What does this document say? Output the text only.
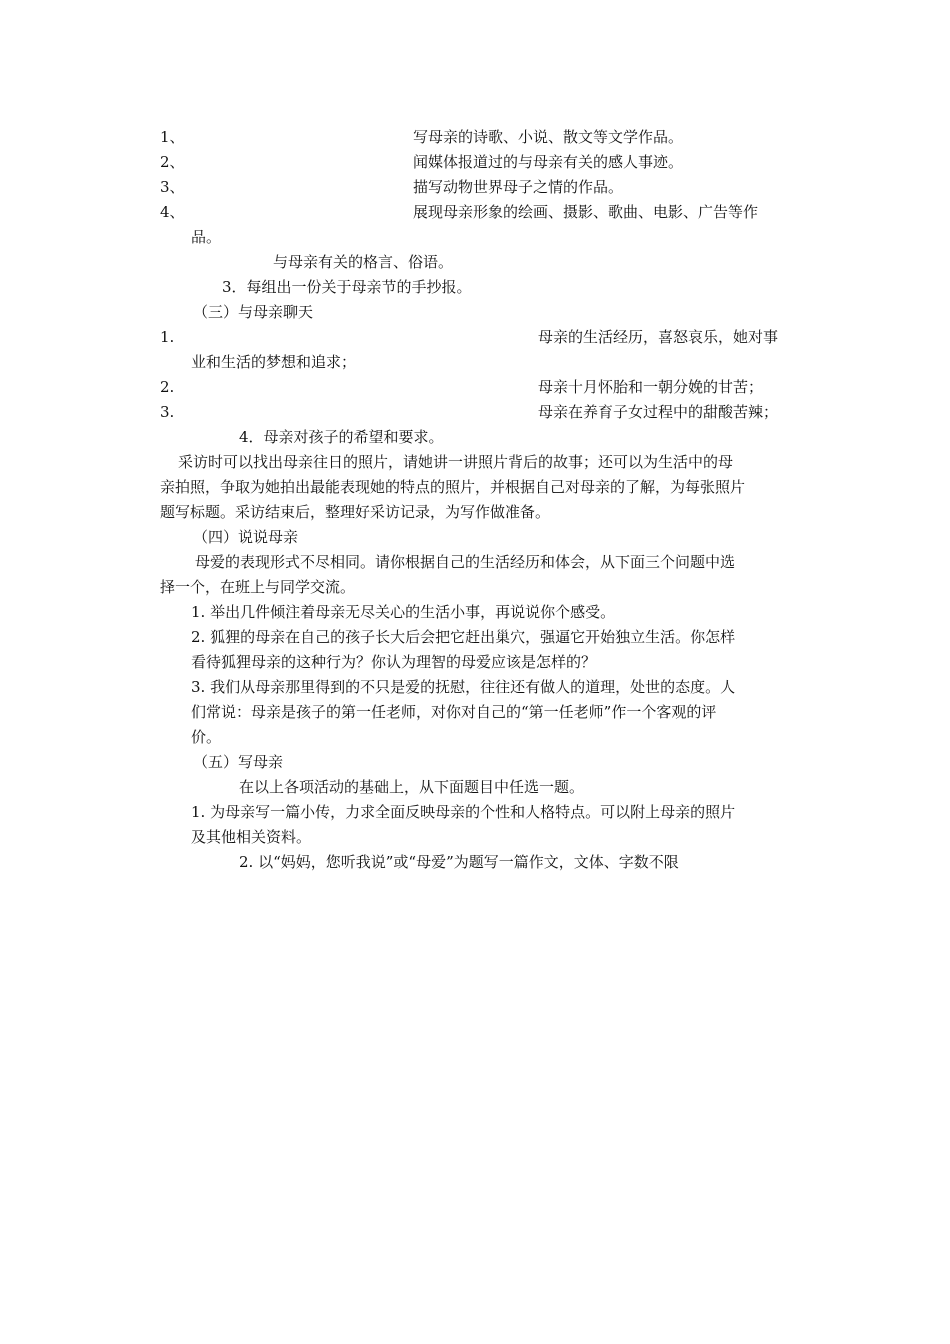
1、	写母亲的诗歌、小说、散文等文学作品。
2、	闻媒体报道过的与母亲有关的感人事迹。
3、	描写动物世界母子之情的作品。
4、	展现母亲形象的绘画、摄影、歌曲、电影、广告等作
品。
与母亲有关的格言、俗语。
3．每组出一份关于母亲节的手抄报。
（三）与母亲聊天
1.	母亲的生活经历，喜怒哀乐，她对事
业和生活的梦想和追求；
2.	母亲十月怀胎和一朝分娩的甘苦；
3.	母亲在养育子女过程中的甜酸苦辣；
4．母亲对孩子的希望和要求。
采访时可以找出母亲往日的照片，请她讲一讲照片背后的故事；还可以为生活中的母
亲拍照，争取为她拍出最能表现她的特点的照片，并根据自己对母亲的了解，为每张照片
题写标题。采访结束后，整理好采访记录，为写作做准备。
（四）说说母亲
母爱的表现形式不尽相同。请你根据自己的生活经历和体会，从下面三个问题中选
择一个，在班上与同学交流。
1. 举出几件倾注着母亲无尽关心的生活小事，再说说你个感受。
2. 狐狸的母亲在自己的孩子长大后会把它赶出巢穴，强逼它开始独立生活。你怎样
看待狐狸母亲的这种行为？你认为理智的母爱应该是怎样的？
3. 我们从母亲那里得到的不只是爱的抚慰，往往还有做人的道理，处世的态度。人
们常说：母亲是孩子的第一任老师，对你对自己的“第一任老师”作一个客观的评
价。
（五）写母亲
在以上各项活动的基础上，从下面题目中任选一题。
1. 为母亲写一篇小传，力求全面反映母亲的个性和人格特点。可以附上母亲的照片
及其他相关资料。
2. 以“妈妈，您听我说”或“母爱”为题写一篇作文，文体、字数不限
